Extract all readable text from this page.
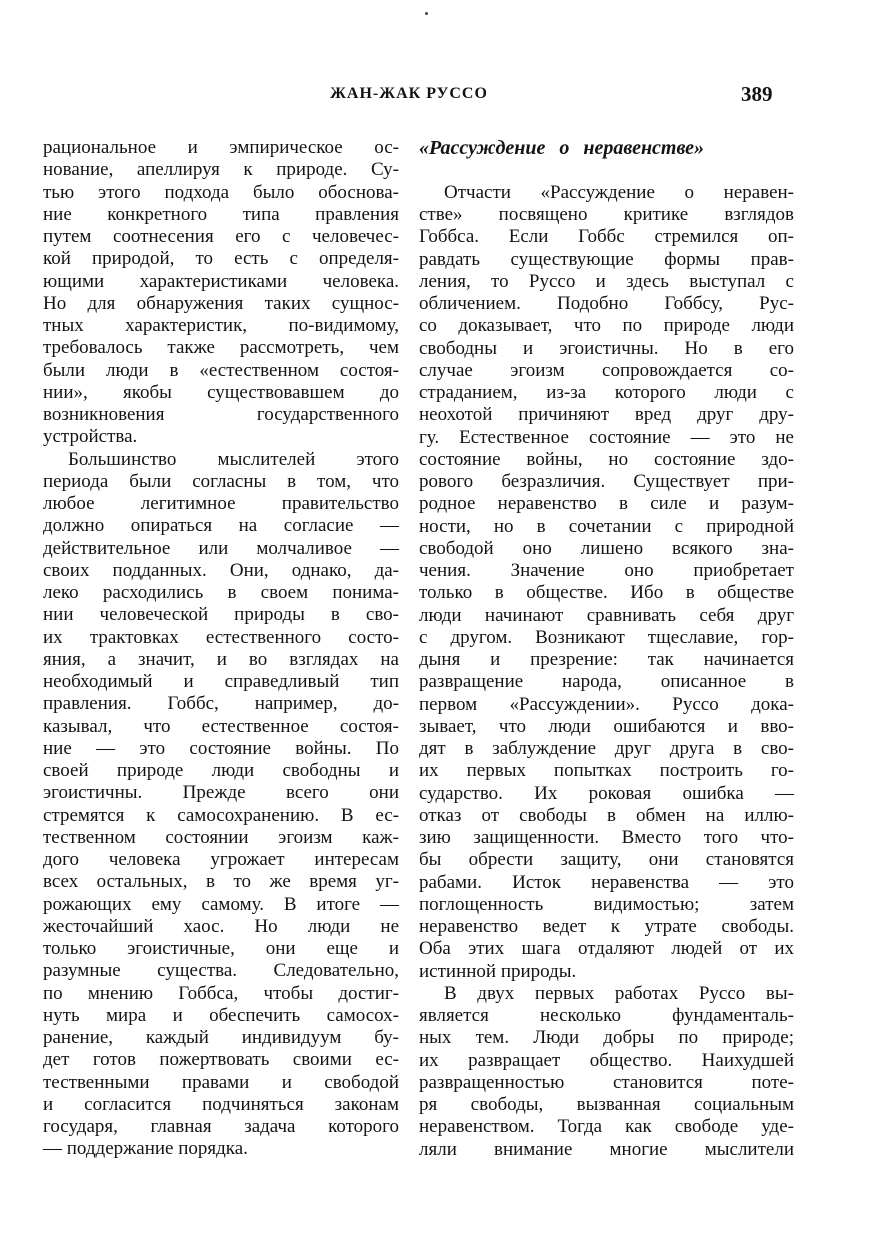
ЖАН-ЖАК РУССО	389
рациональное и эмпирическое ос-
нование, апеллируя к природе. Су-
тью этого подхода было обоснова-
ние конкретного типа правления
путем соотнесения его с человечес-
кой природой, то есть с определя-
ющими характеристиками человека.
Но для обнаружения таких сущнос-
тных характеристик, по-видимому,
требовалось также рассмотреть, чем
были люди в «естественном состоя-
нии», якобы существовавшем до
возникновения государственного
устройства.
Большинство мыслителей этого
периода были согласны в том, что
любое легитимное правительство
должно опираться на согласие —
действительное или молчаливое —
своих подданных. Они, однако, да-
леко расходились в своем понима-
нии человеческой природы в сво-
их трактовках естественного состо-
яния, а значит, и во взглядах на
необходимый и справедливый тип
правления. Гоббс, например, до-
казывал, что естественное состоя-
ние — это состояние войны. По
своей природе люди свободны и
эгоистичны. Прежде всего они
стремятся к самосохранению. В ес-
тественном состоянии эгоизм каж-
дого человека угрожает интересам
всех остальных, в то же время уг-
рожающих ему самому. В итоге —
жесточайший хаос. Но люди не
только эгоистичные, они еще и
разумные существа. Следовательно,
по мнению Гоббса, чтобы достиг-
нуть мира и обеспечить самосох-
ранение, каждый индивидуум бу-
дет готов пожертвовать своими ес-
тественными правами и свободой
и согласится подчиняться законам
государя, главная задача которого
— поддержание порядка.
«Рассуждение о неравенстве»
Отчасти «Рассуждение о неравен-
стве» посвящено критике взглядов
Гоббса. Если Гоббс стремился оп-
равдать существующие формы прав-
ления, то Руссо и здесь выступал с
обличением. Подобно Гоббсу, Рус-
со доказывает, что по природе люди
свободны и эгоистичны. Но в его
случае эгоизм сопровождается со-
страданием, из-за которого люди с
неохотой причиняют вред друг дру-
гу. Естественное состояние — это не
состояние войны, но состояние здо-
рового безразличия. Существует при-
родное неравенство в силе и разум-
ности, но в сочетании с природной
свободой оно лишено всякого зна-
чения. Значение оно приобретает
только в обществе. Ибо в обществе
люди начинают сравнивать себя друг
с другом. Возникают тщеславие, гор-
дыня и презрение: так начинается
развращение народа, описанное в
первом «Рассуждении». Руссо дока-
зывает, что люди ошибаются и вво-
дят в заблуждение друг друга в сво-
их первых попытках построить го-
сударство. Их роковая ошибка —
отказ от свободы в обмен на иллю-
зию защищенности. Вместо того что-
бы обрести защиту, они становятся
рабами. Исток неравенства — это
поглощенность видимостью; затем
неравенство ведет к утрате свободы.
Оба этих шага отдаляют людей от их
истинной природы.
В двух первых работах Руссо вы-
является несколько фундаменталь-
ных тем. Люди добры по природе;
их развращает общество. Наихудшей
развращенностью становится поте-
ря свободы, вызванная социальным
неравенством. Тогда как свободе уде-
ляли внимание многие мыслители
